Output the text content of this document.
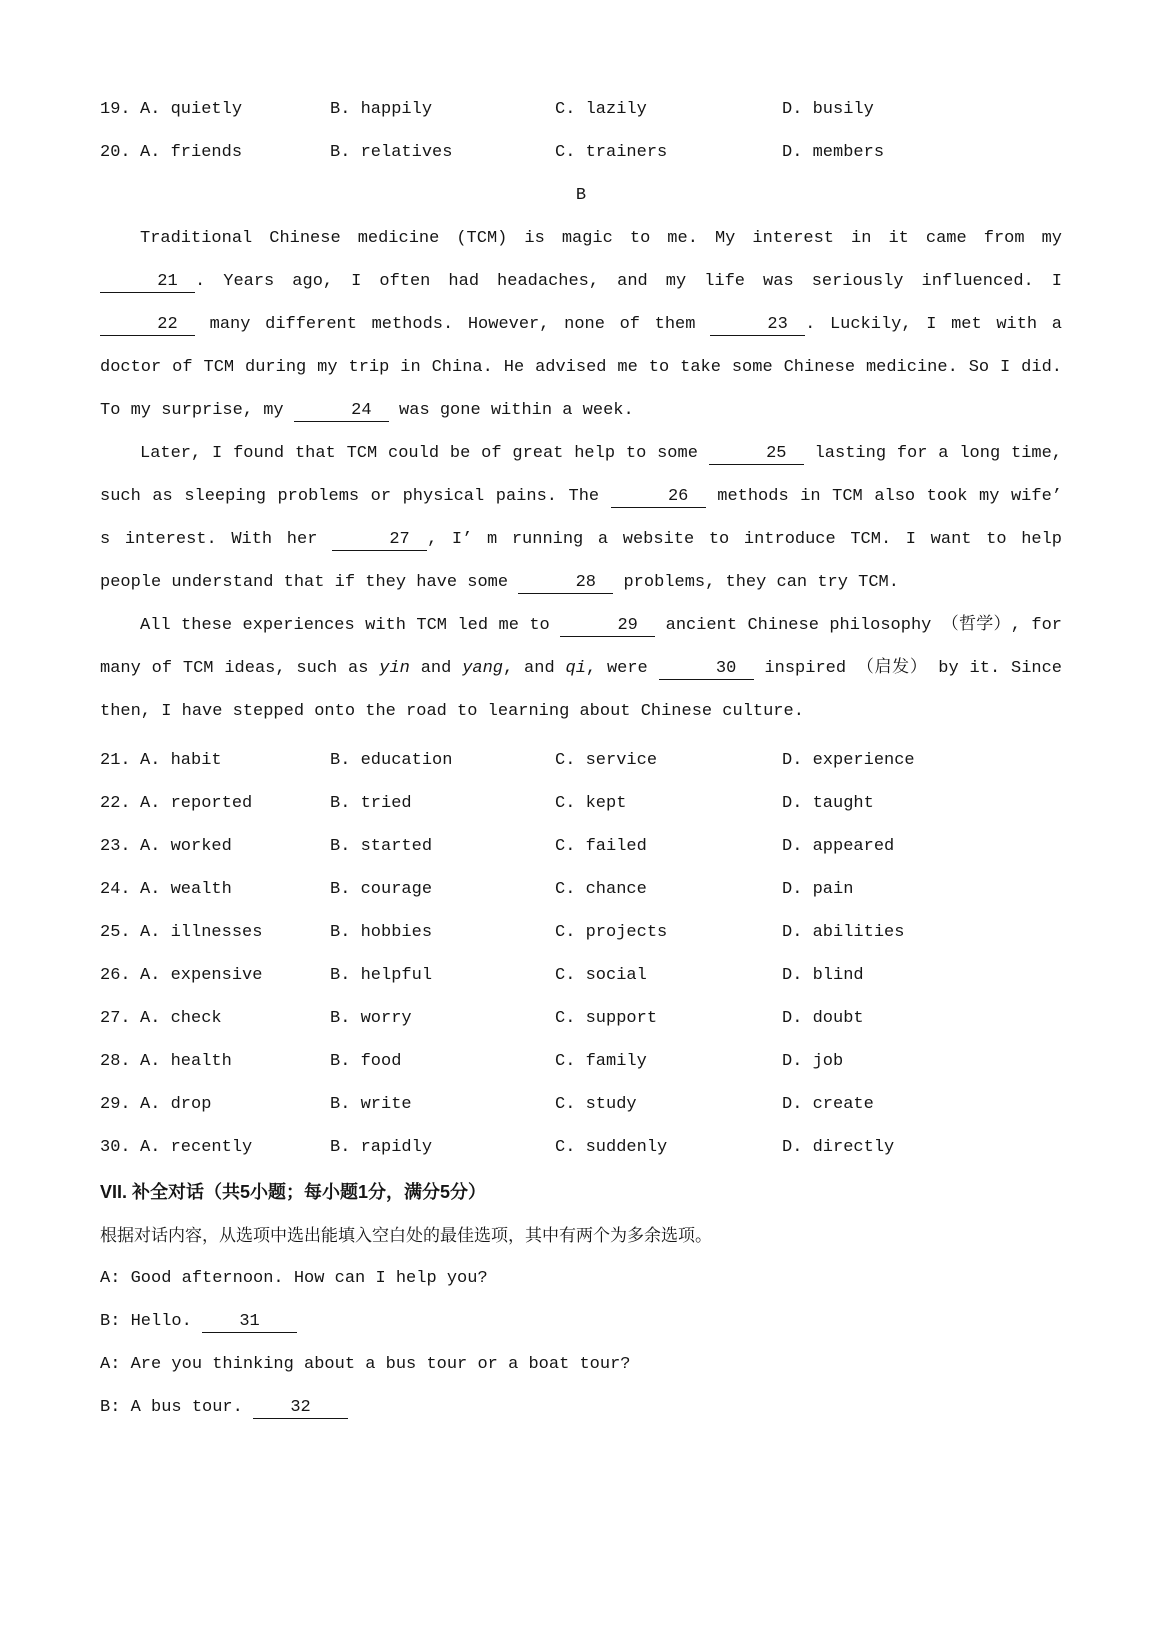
19. A. quietly	B. happily	C. lazily	D. busily
20. A. friends	B. relatives	C. trainers	D. members
B

Traditional Chinese medicine (TCM) is magic to me. My interest in it came from my 21 . Years ago, I often had headaches, and my life was seriously influenced. I 22 many different methods. However, none of them	23 . Luckily, I met with a doctor of TCM during my trip in China. He advised me to take some Chinese medicine. So I did. To my surprise, my	24 was gone within a week.

Later, I found that TCM could be of great help to some	25 lasting for a long time, such as sleeping problems or physical pains. The	26 methods in TCM also took my wife’ s interest. With her	27 , I’ m running a website to introduce TCM. I want to help people understand that if they have some	28 problems, they can try TCM.

All these experiences with TCM led me to	29 ancient Chinese philosophy （哲学）, for many of TCM ideas, such as yin and yang, and qi, were	30 inspired （启发） by it. Since then, I have stepped onto the road to learning about Chinese culture.

21. A. habit	B. education	C. service	D. experience
22. A. reported	B. tried	C. kept	D. taught
23. A. worked	B. started	C. failed	D. appeared
24. A. wealth	B. courage	C. chance	D. pain
25. A. illnesses	B. hobbies	C. projects	D. abilities
26. A. expensive	B. helpful	C. social	D. blind
27. A. check	B. worry	C. support	D. doubt
28. A. health	B. food	C. family	D. job
29. A. drop	B. write	C. study	D. create
30. A. recently	B. rapidly	C. suddenly	D. directly
VII. 补全对话（共5小题；每小题1分，满分5分）
根据对话内容，从选项中选出能填入空白处的最佳选项，其中有两个为多余选项。

A: Good afternoon. How can I help you?

B: Hello. 31

A: Are you thinking about a bus tour or a boat tour?

B: A bus tour. 32
